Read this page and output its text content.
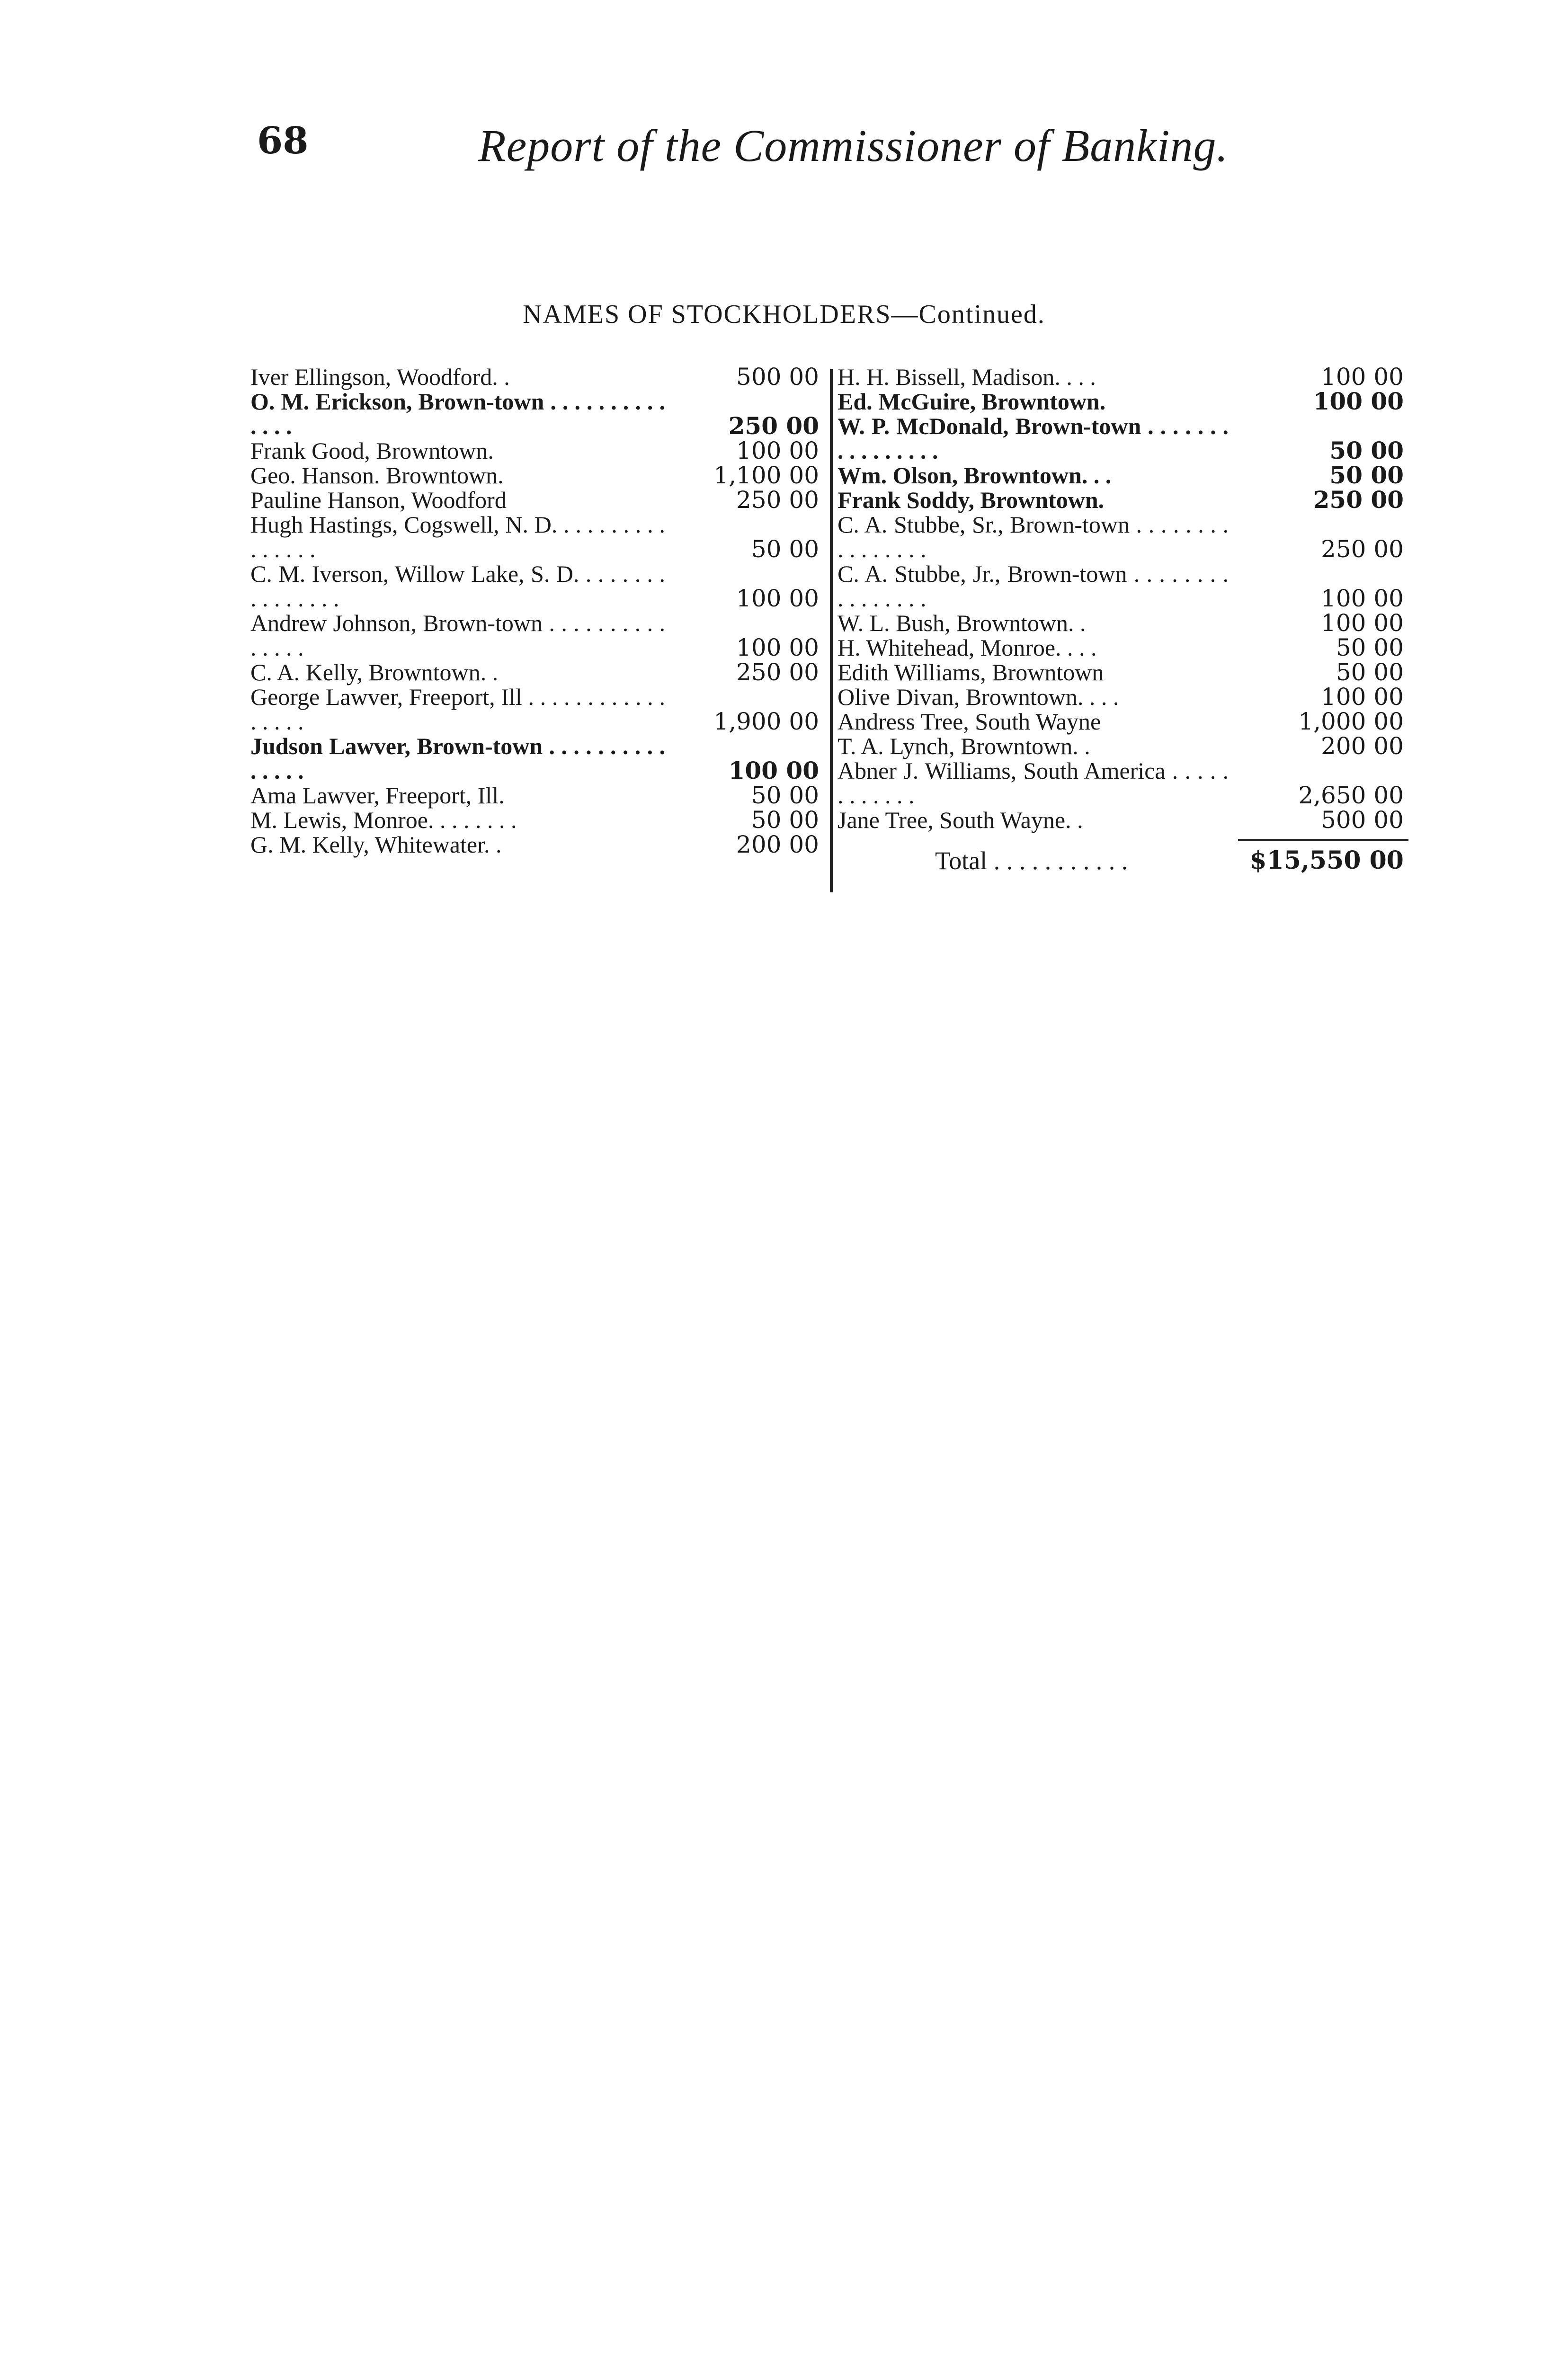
68	Report of the Commissioner of Banking.
NAMES OF STOCKHOLDERS—Continued.
Iver Ellingson, Woodford. .	500 00
O. M. Erickson, Brown-town . . . . . . . . . . . . . .	250 00
Frank Good, Browntown.	100 00
Geo. Hanson. Browntown.	1,100 00
Pauline Hanson, Woodford	250 00
Hugh Hastings, Cogswell, N. D. . . . . . . . . . . . . . . .	50 00
C. M. Iverson, Willow Lake, S. D. . . . . . . . . . . . . . . .	100 00
Andrew Johnson, Brown-town . . . . . . . . . . . . . . .	100 00
C. A. Kelly, Browntown. .	250 00
George Lawver, Freeport, Ill . . . . . . . . . . . . . . . . .	1,900 00
Judson Lawver, Brown-town . . . . . . . . . . . . . . .	100 00
Ama Lawver, Freeport, Ill.	50 00
M. Lewis, Monroe. . . . . . . .	50 00
G. M. Kelly, Whitewater. .	200 00
H. H. Bissell, Madison. . . .	100 00
Ed. McGuire, Browntown.	100 00
W. P. McDonald, Brown-town . . . . . . . . . . . . . . . .	50 00
Wm. Olson, Browntown. . .	50 00
Frank Soddy, Browntown.	250 00
C. A. Stubbe, Sr., Brown-town . . . . . . . . . . . . . . . .	250 00
C. A. Stubbe, Jr., Brown-town . . . . . . . . . . . . . . . .	100 00
W. L. Bush, Browntown. .	100 00
H. Whitehead, Monroe. . . .	50 00
Edith Williams, Browntown	50 00
Olive Divan, Browntown. . . .	100 00
Andress Tree, South Wayne	1,000 00
T. A. Lynch, Browntown. .	200 00
Abner J. Williams, South America . . . . . . . . . . . .	2,650 00
Jane Tree, South Wayne. .	500 00
Total . . . . . . . . . . .	$15,550 00
